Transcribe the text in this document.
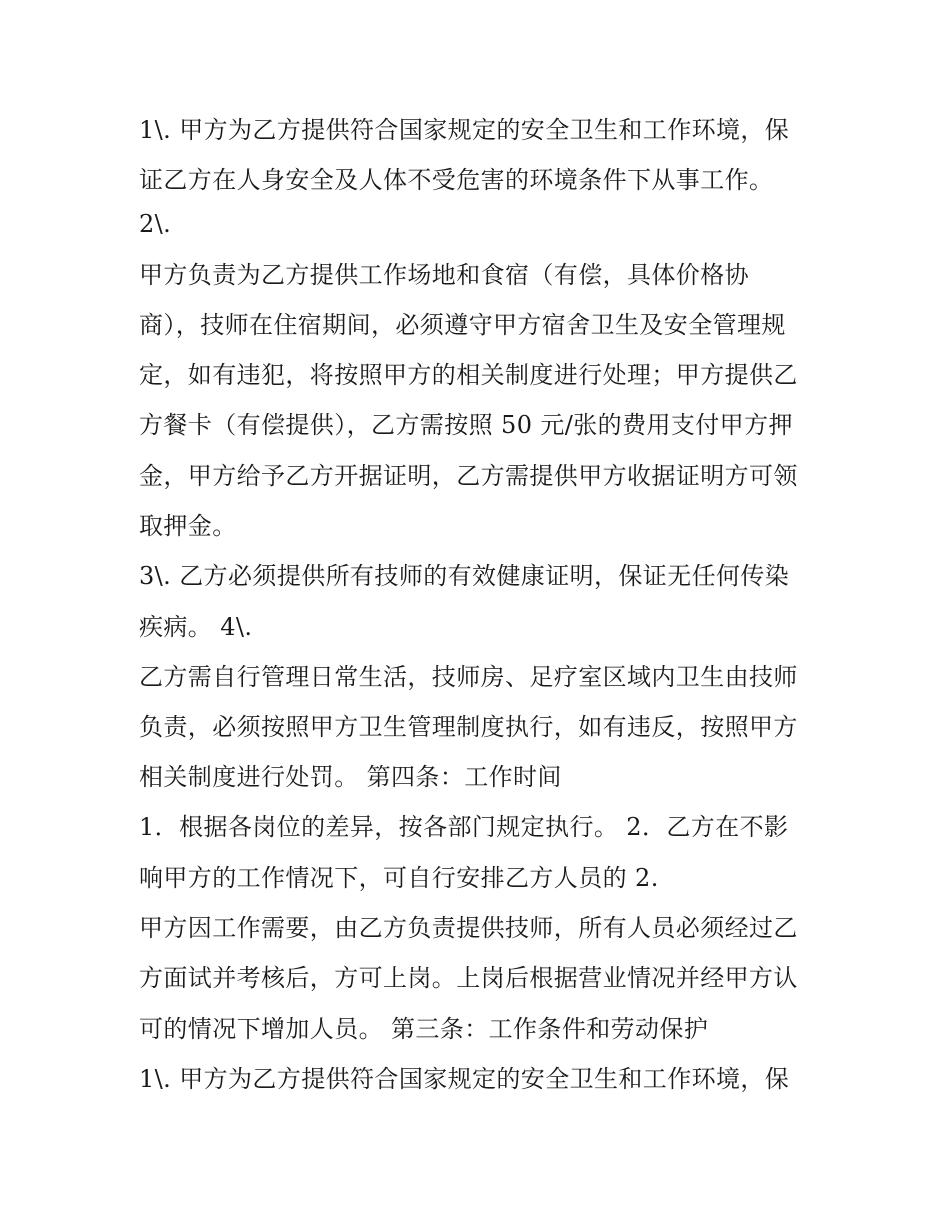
1\. 甲方为乙方提供符合国家规定的安全卫生和工作环境，保
证乙方在人身安全及人体不受危害的环境条件下从事工作。
2\.
甲方负责为乙方提供工作场地和食宿（有偿，具体价格协
商），技师在住宿期间，必须遵守甲方宿舍卫生及安全管理规
定，如有违犯，将按照甲方的相关制度进行处理；甲方提供乙
方餐卡（有偿提供），乙方需按照 50 元/张的费用支付甲方押
金，甲方给予乙方开据证明，乙方需提供甲方收据证明方可领
取押金。
3\. 乙方必须提供所有技师的有效健康证明，保证无任何传染
疾病。 4\.
乙方需自行管理日常生活，技师房、足疗室区域内卫生由技师
负责，必须按照甲方卫生管理制度执行，如有违反，按照甲方
相关制度进行处罚。 第四条：工作时间
1．根据各岗位的差异，按各部门规定执行。 2．乙方在不影
响甲方的工作情况下，可自行安排乙方人员的 2.
甲方因工作需要，由乙方负责提供技师，所有人员必须经过乙
方面试并考核后，方可上岗。上岗后根据营业情况并经甲方认
可的情况下增加人员。 第三条：工作条件和劳动保护
1\. 甲方为乙方提供符合国家规定的安全卫生和工作环境，保
